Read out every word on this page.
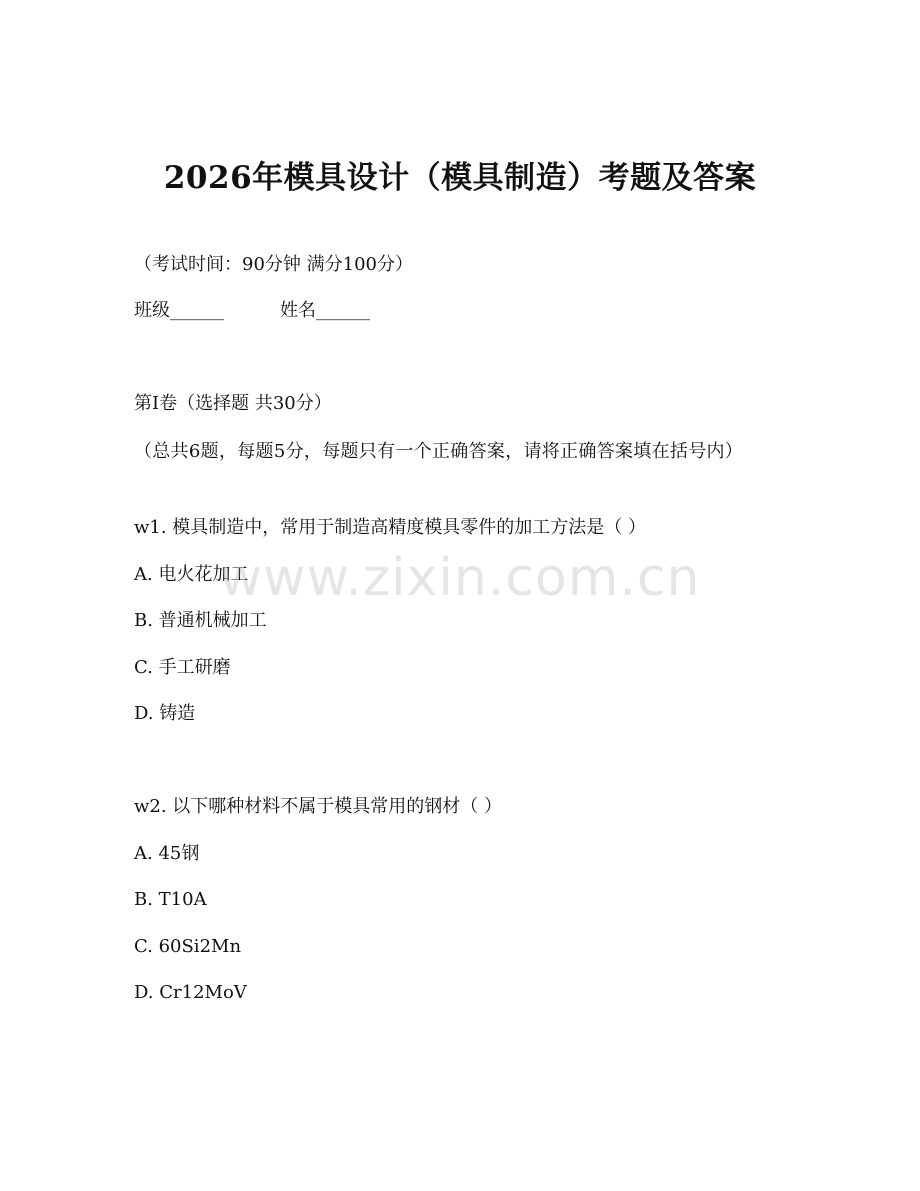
2026年模具设计（模具制造）考题及答案
（考试时间：90分钟 满分100分）
班级______	姓名______
第I卷（选择题 共30分）
（总共6题，每题5分，每题只有一个正确答案，请将正确答案填在括号内）
w1. 模具制造中，常用于制造高精度模具零件的加工方法是（ ）
A. 电火花加工
B. 普通机械加工
C. 手工研磨
D. 铸造
w2. 以下哪种材料不属于模具常用的钢材（ ）
A. 45钢
B. T10A
C. 60Si2Mn
D. Cr12MoV
www.zixin.com.cn
